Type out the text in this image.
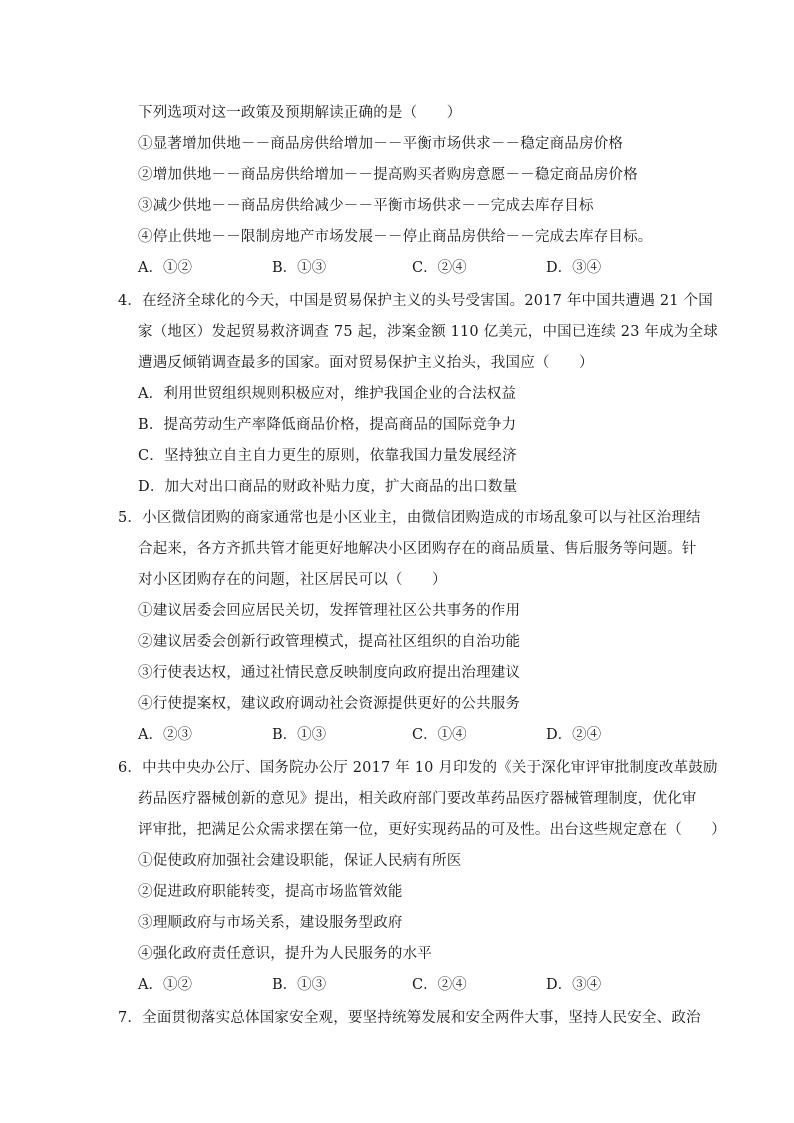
下列选项对这一政策及预期解读正确的是（　　）
①显著增加供地－－商品房供给增加－－平衡市场供求－－稳定商品房价格
②增加供地－－商品房供给增加－－提高购买者购房意愿－－稳定商品房价格
③减少供地－－商品房供给减少－－平衡市场供求－－完成去库存目标
④停止供地－－限制房地产市场发展－－停止商品房供给－－完成去库存目标。
A．①②	B．①③	C．②④	D．③④
4．在经济全球化的今天，中国是贸易保护主义的头号受害国。2017 年中国共遭遇 21 个国
家（地区）发起贸易救济调查 75 起，涉案金额 110 亿美元，中国已连续 23 年成为全球
遭遇反倾销调查最多的国家。面对贸易保护主义抬头，我国应（　　）
A．利用世贸组织规则积极应对，维护我国企业的合法权益
B．提高劳动生产率降低商品价格，提高商品的国际竞争力
C．坚持独立自主自力更生的原则，依靠我国力量发展经济
D．加大对出口商品的财政补贴力度，扩大商品的出口数量
5．小区微信团购的商家通常也是小区业主，由微信团购造成的市场乱象可以与社区治理结
合起来，各方齐抓共管才能更好地解决小区团购存在的商品质量、售后服务等问题。针
对小区团购存在的问题，社区居民可以（　　）
①建议居委会回应居民关切，发挥管理社区公共事务的作用
②建议居委会创新行政管理模式，提高社区组织的自治功能
③行使表达权，通过社情民意反映制度向政府提出治理建议
④行使提案权，建议政府调动社会资源提供更好的公共服务
A．②③	B．①③	C．①④	D．②④
6．中共中央办公厅、国务院办公厅 2017 年 10 月印发的《关于深化审评审批制度改革鼓励
药品医疗器械创新的意见》提出，相关政府部门要改革药品医疗器械管理制度，优化审
评审批，把满足公众需求摆在第一位，更好实现药品的可及性。出台这些规定意在（　　）
①促使政府加强社会建设职能，保证人民病有所医
②促进政府职能转变，提高市场监管效能
③理顺政府与市场关系，建设服务型政府
④强化政府责任意识，提升为人民服务的水平
A．①②	B．①③	C．②④	D．③④
7．全面贯彻落实总体国家安全观，要坚持统筹发展和安全两件大事，坚持人民安全、政治
